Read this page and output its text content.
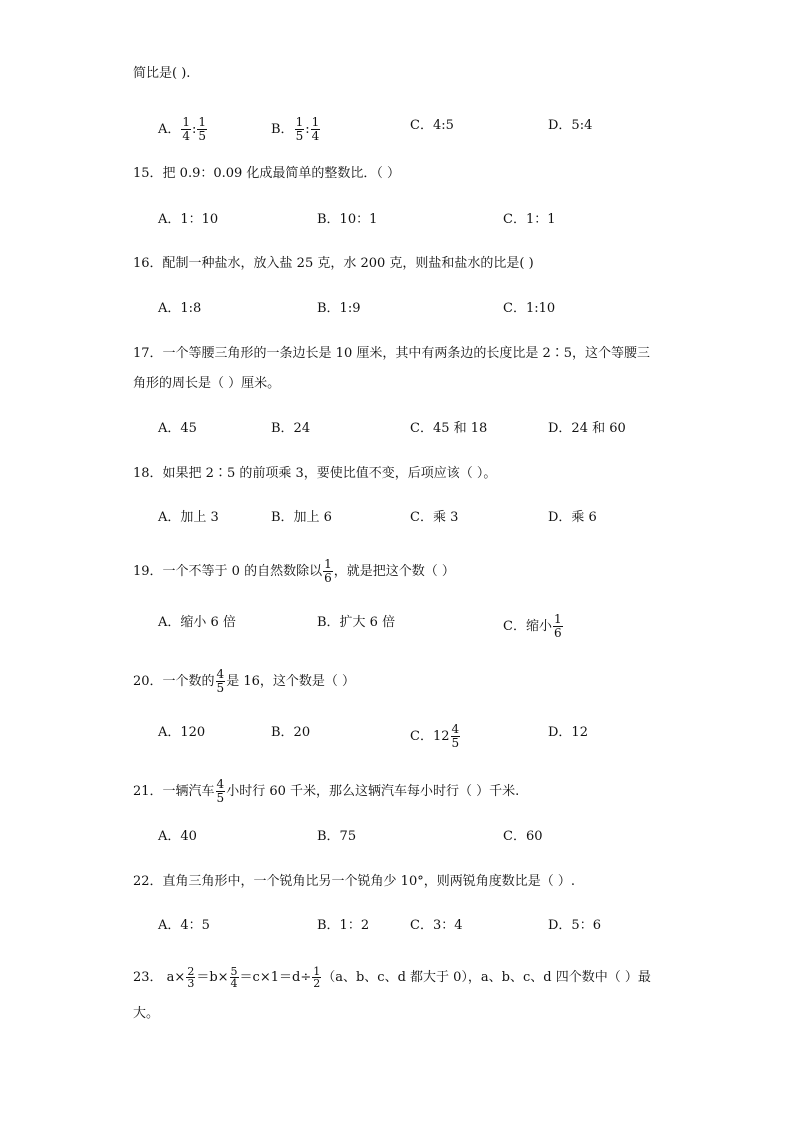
简比是( ).
A． $\frac{1}{4}$ : $\frac{1}{5}$	B． $\frac{1}{5}$ : $\frac{1}{4}$	C．4:5	D．5:4
15．把 0.9：0.09 化成最简单的整数比．（ ）
A．1：10	B．10：1	C．1：1
16．配制一种盐水，放入盐 25 克，水 200 克，则盐和盐水的比是( )
A．1:8	B．1:9	C．1:10
17．一个等腰三角形的一条边长是 10 厘米，其中有两条边的长度比是 2∶5，这个等腰三
角形的周长是（ ）厘米。
A．45	B．24	C．45 和 18	D．24 和 60
18．如果把 2∶5 的前项乘 3，要使比值不变，后项应该（ ）。
A．加上 3	B．加上 6	C．乘 3	D．乘 6
19．一个不等于 0 的自然数除以 $\frac{1}{6}$ ，就是把这个数（ ）
A．缩小 6 倍	B．扩大 6 倍	C．缩小 $\frac{1}{6}$
20．一个数的 $\frac{4}{5}$ 是 16，这个数是（ ）
A．120	B．20	C．$12 \frac{4}{5}$	D．12
21．一辆汽车 $\frac{4}{5}$ 小时行 60 千米，那么这辆汽车每小时行（ ）千米.
A．40	B．75	C．60
22．直角三角形中，一个锐角比另一个锐角少 10°，则两锐角度数比是（ ）.
A．4：5	B．1：2	C．3：4	D．5：6
23． $a\times \frac{2}{3} =b\times \frac{5}{4} =c\times 1=d\div \frac{1}{2} (a$、b、c、d 都大于 0），a、b、c、d 四个数中（ ）最
大。
